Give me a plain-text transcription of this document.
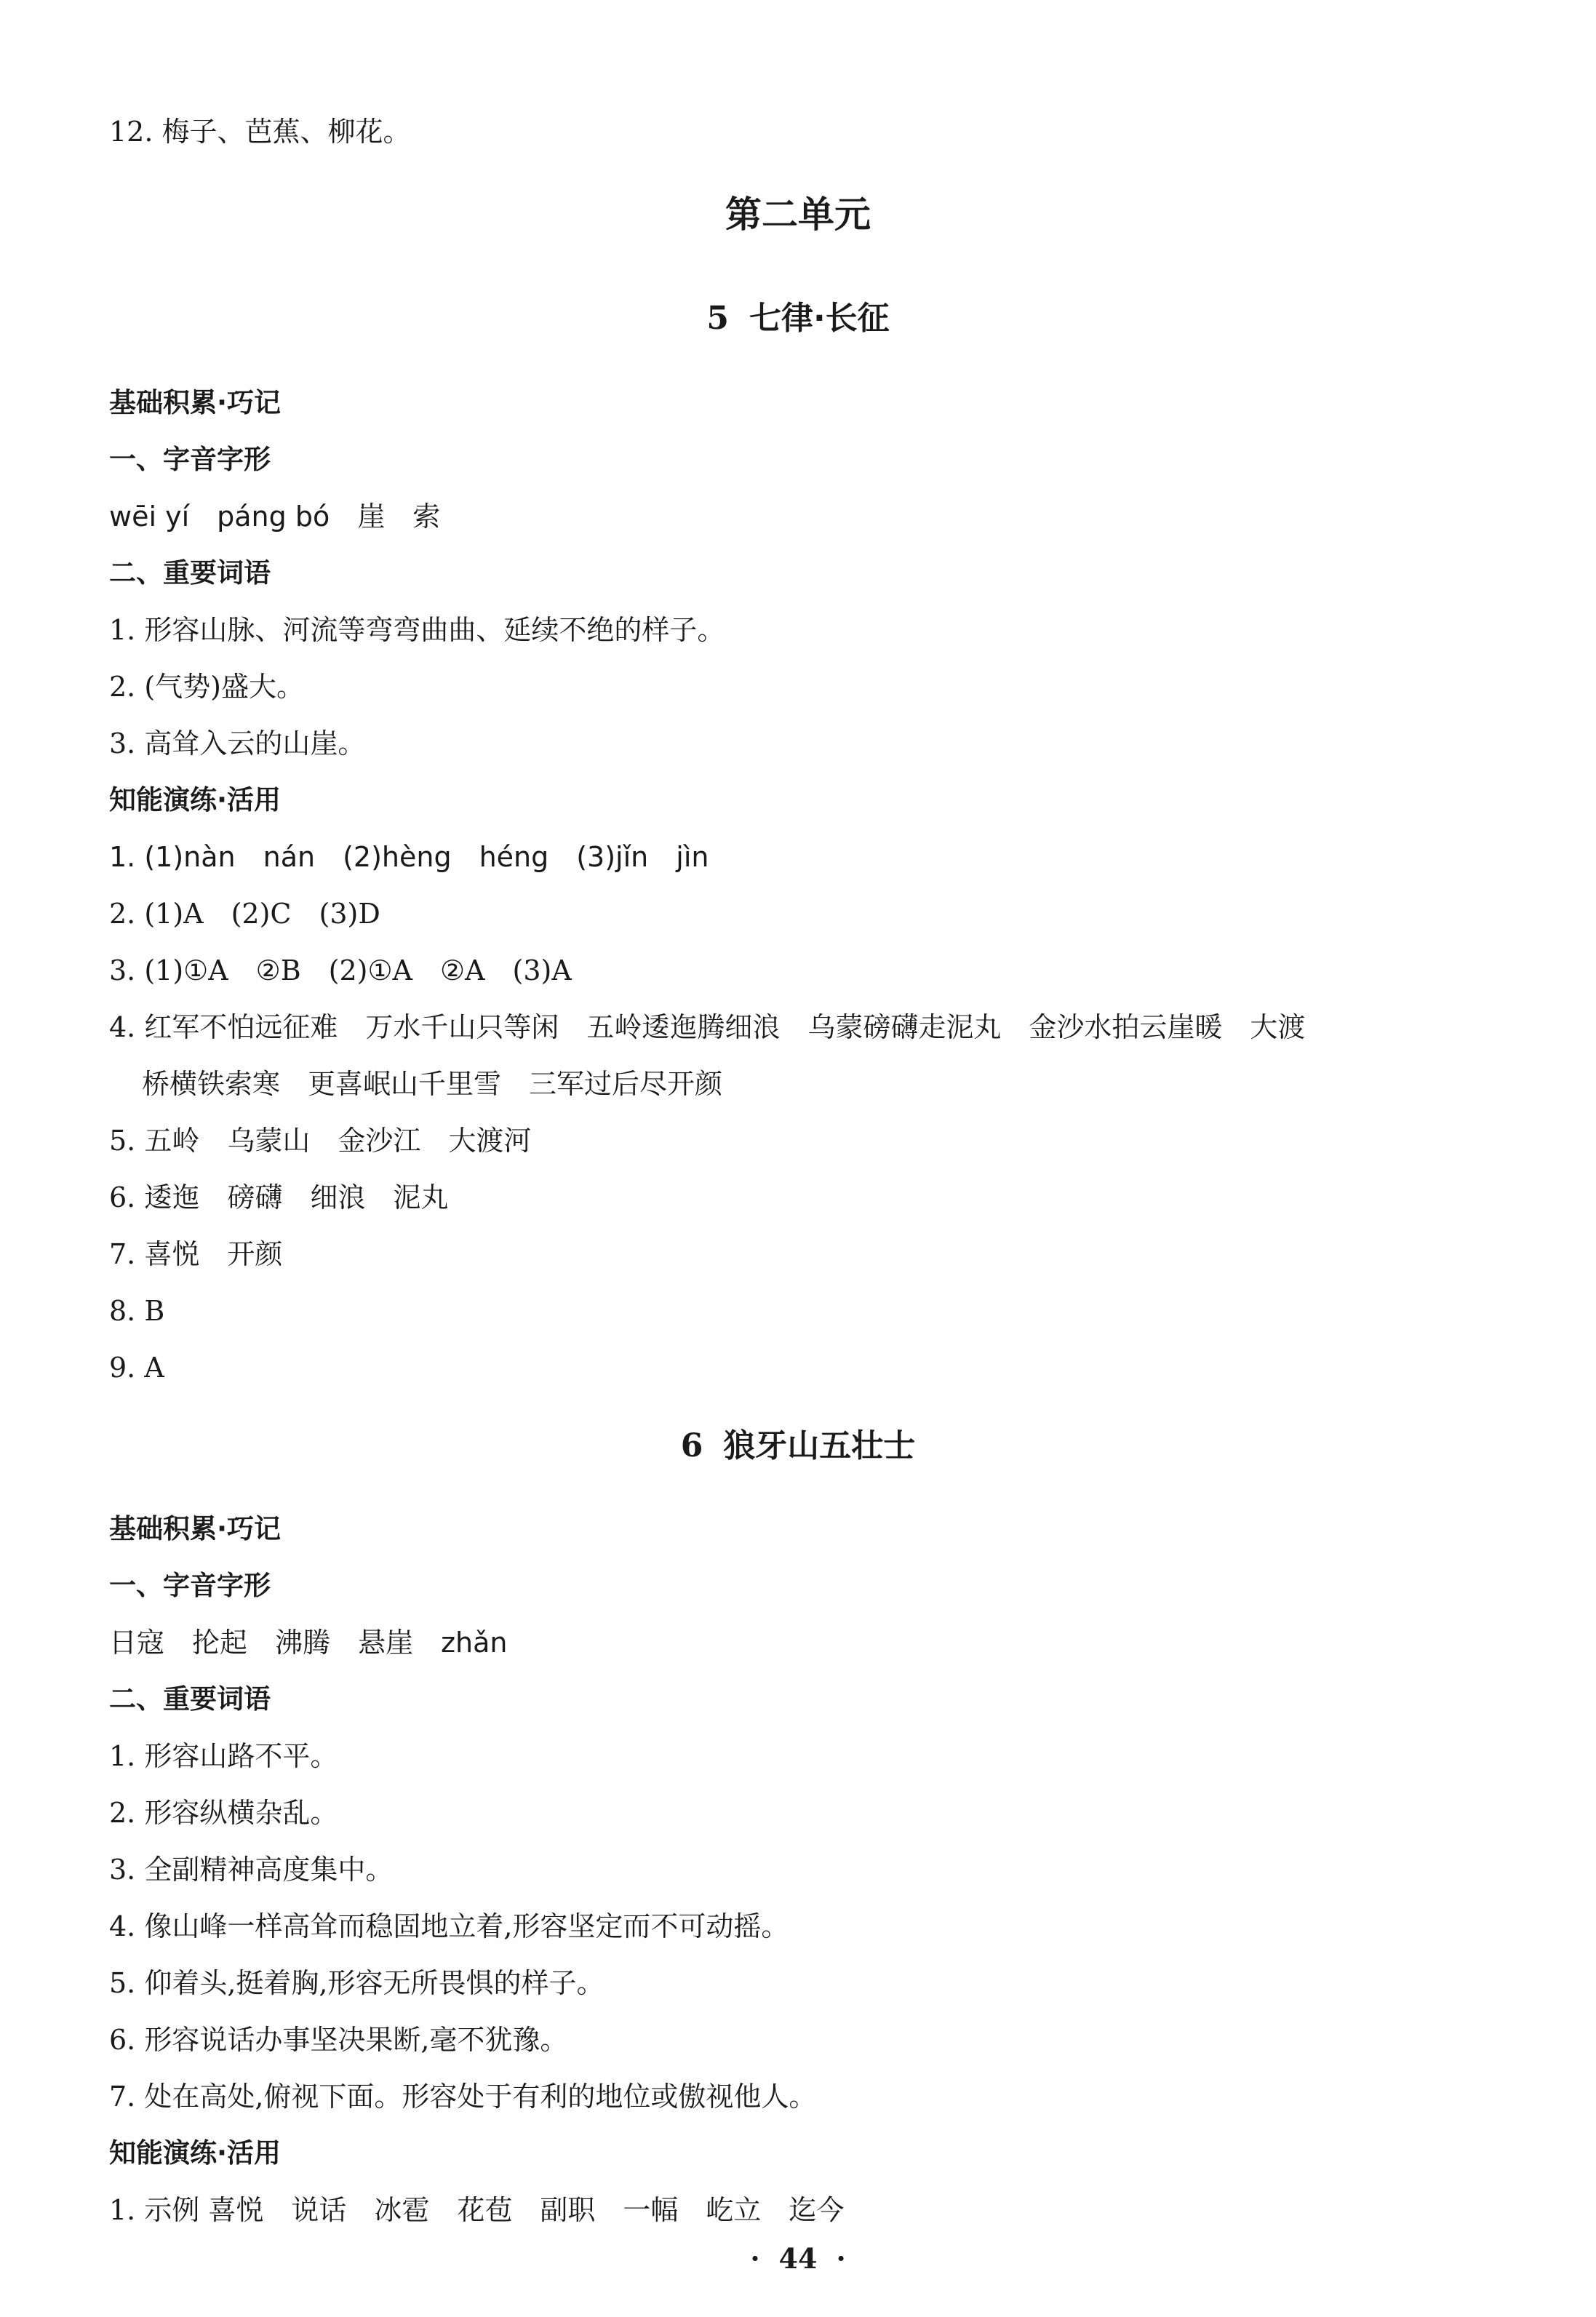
12. 梅子、芭蕉、柳花。
第二单元
5 七律·长征
基础积累·巧记
一、字音字形
wēi yí páng bó 崖 索
二、重要词语
1. 形容山脉、河流等弯弯曲曲、延续不绝的样子。
2. (气势)盛大。
3. 高耸入云的山崖。
知能演练·活用
1. (1)nàn　nán　(2)hèng　héng　(3)jǐn　jìn
2. (1)A　(2)C　(3)D
3. (1)①A　②B　(2)①A　②A　(3)A
4. 红军不怕远征难　万水千山只等闲　五岭逶迤腾细浪　乌蒙磅礴走泥丸　金沙水拍云崖暖　大渡
桥横铁索寒　更喜岷山千里雪　三军过后尽开颜
5. 五岭　乌蒙山　金沙江　大渡河
6. 逶迤　磅礴　细浪　泥丸
7. 喜悦　开颜
8. B
9. A
6 狼牙山五壮士
基础积累·巧记
一、字音字形
日寇 抡起 沸腾 悬崖 zhǎn
二、重要词语
1. 形容山路不平。
2. 形容纵横杂乱。
3. 全副精神高度集中。
4. 像山峰一样高耸而稳固地立着,形容坚定而不可动摇。
5. 仰着头,挺着胸,形容无所畏惧的样子。
6. 形容说话办事坚决果断,毫不犹豫。
7. 处在高处,俯视下面。形容处于有利的地位或傲视他人。
知能演练·活用
1. 示例 喜悦　说话　冰雹　花苞　副职　一幅　屹立　迄今
· 44 ·
